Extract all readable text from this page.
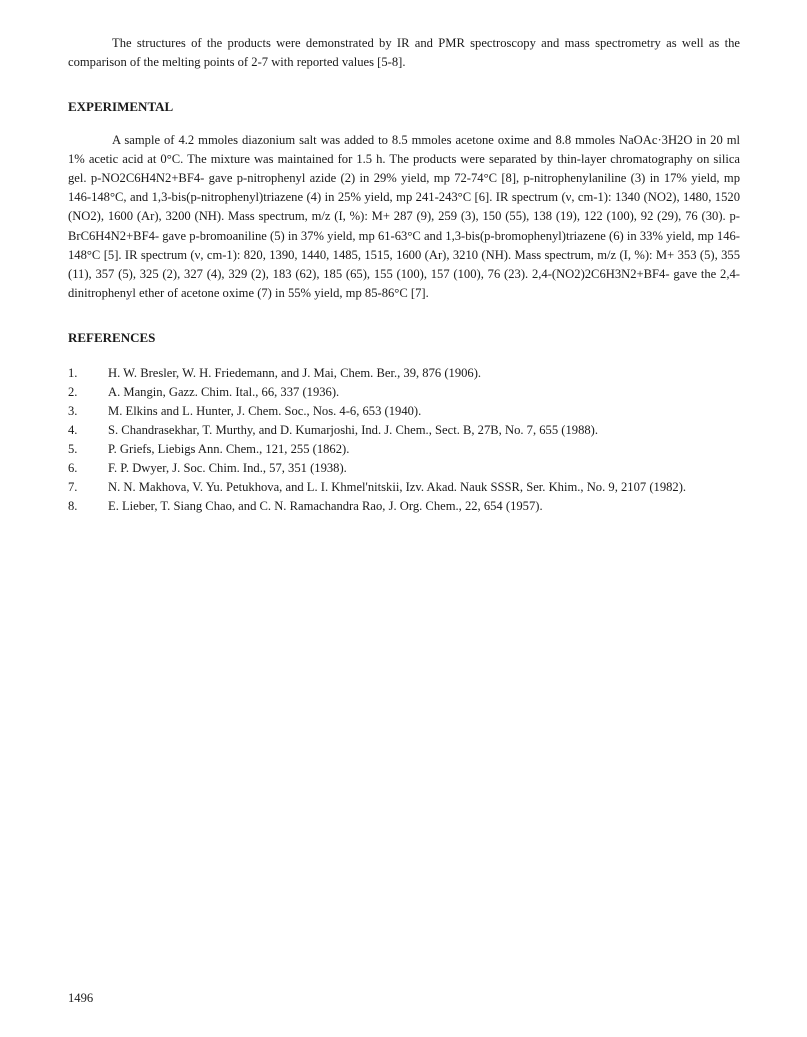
The structures of the products were demonstrated by IR and PMR spectroscopy and mass spectrometry as well as the comparison of the melting points of 2-7 with reported values [5-8].

EXPERIMENTAL

A sample of 4.2 mmoles diazonium salt was added to 8.5 mmoles acetone oxime and 8.8 mmoles NaOAc·3H2O in 20 ml 1% acetic acid at 0°C. The mixture was maintained for 1.5 h. The products were separated by thin-layer chromatography on silica gel. p-NO2C6H4N2+BF4- gave p-nitrophenyl azide (2) in 29% yield, mp 72-74°C [8], p-nitrophenylaniline (3) in 17% yield, mp 146-148°C, and 1,3-bis(p-nitrophenyl)triazene (4) in 25% yield, mp 241-243°C [6]. IR spectrum (ν, cm-1): 1340 (NO2), 1480, 1520 (NO2), 1600 (Ar), 3200 (NH). Mass spectrum, m/z (I, %): M+ 287 (9), 259 (3), 150 (55), 138 (19), 122 (100), 92 (29), 76 (30). p-BrC6H4N2+BF4- gave p-bromoaniline (5) in 37% yield, mp 61-63°C and 1,3-bis(p-bromophenyl)triazene (6) in 33% yield, mp 146-148°C [5]. IR spectrum (ν, cm-1): 820, 1390, 1440, 1485, 1515, 1600 (Ar), 3210 (NH). Mass spectrum, m/z (I, %): M+ 353 (5), 355 (11), 357 (5), 325 (2), 327 (4), 329 (2), 183 (62), 185 (65), 155 (100), 157 (100), 76 (23). 2,4-(NO2)2C6H3N2+BF4- gave the 2,4-dinitrophenyl ether of acetone oxime (7) in 55% yield, mp 85-86°C [7].

REFERENCES

1.	H. W. Bresler, W. H. Friedemann, and J. Mai, Chem. Ber., 39, 876 (1906).
2.	A. Mangin, Gazz. Chim. Ital., 66, 337 (1936).
3.	M. Elkins and L. Hunter, J. Chem. Soc., Nos. 4-6, 653 (1940).
4.	S. Chandrasekhar, T. Murthy, and D. Kumarjoshi, Ind. J. Chem., Sect. B, 27B, No. 7, 655 (1988).
5.	P. Griefs, Liebigs Ann. Chem., 121, 255 (1862).
6.	F. P. Dwyer, J. Soc. Chim. Ind., 57, 351 (1938).
7.	N. N. Makhova, V. Yu. Petukhova, and L. I. Khmel'nitskii, Izv. Akad. Nauk SSSR, Ser. Khim., No. 9, 2107 (1982).
8.	E. Lieber, T. Siang Chao, and C. N. Ramachandra Rao, J. Org. Chem., 22, 654 (1957).
1496
